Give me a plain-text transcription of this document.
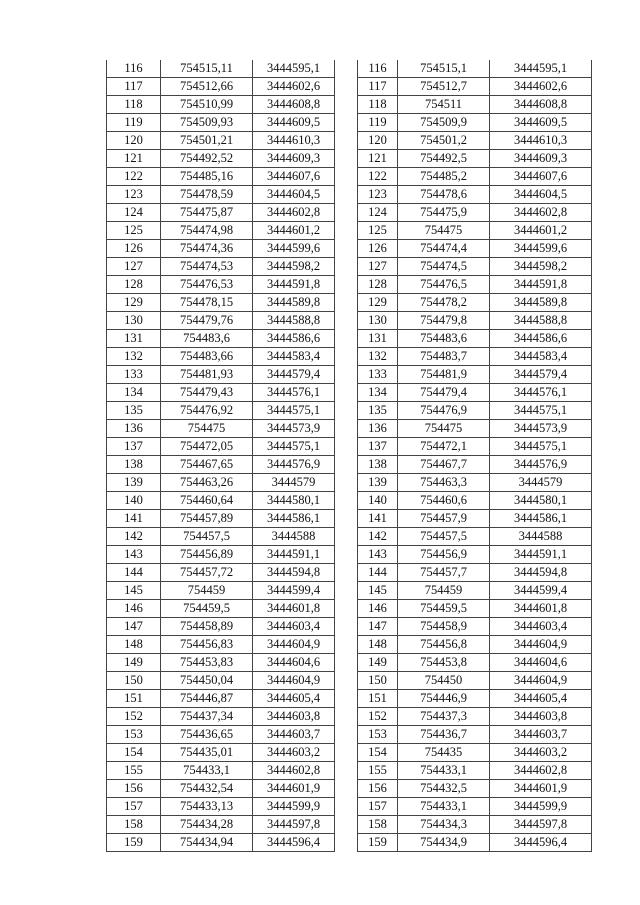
116	754515,11	3444595,1
117	754512,66	3444602,6
118	754510,99	3444608,8
119	754509,93	3444609,5
120	754501,21	3444610,3
121	754492,52	3444609,3
122	754485,16	3444607,6
123	754478,59	3444604,5
124	754475,87	3444602,8
125	754474,98	3444601,2
126	754474,36	3444599,6
127	754474,53	3444598,2
128	754476,53	3444591,8
129	754478,15	3444589,8
130	754479,76	3444588,8
131	754483,6	3444586,6
132	754483,66	3444583,4
133	754481,93	3444579,4
134	754479,43	3444576,1
135	754476,92	3444575,1
136	754475	3444573,9
137	754472,05	3444575,1
138	754467,65	3444576,9
139	754463,26	3444579
140	754460,64	3444580,1
141	754457,89	3444586,1
142	754457,5	3444588
143	754456,89	3444591,1
144	754457,72	3444594,8
145	754459	3444599,4
146	754459,5	3444601,8
147	754458,89	3444603,4
148	754456,83	3444604,9
149	754453,83	3444604,6
150	754450,04	3444604,9
151	754446,87	3444605,4
152	754437,34	3444603,8
153	754436,65	3444603,7
154	754435,01	3444603,2
155	754433,1	3444602,8
156	754432,54	3444601,9
157	754433,13	3444599,9
158	754434,28	3444597,8
159	754434,94	3444596,4
116	754515,1	3444595,1
117	754512,7	3444602,6
118	754511	3444608,8
119	754509,9	3444609,5
120	754501,2	3444610,3
121	754492,5	3444609,3
122	754485,2	3444607,6
123	754478,6	3444604,5
124	754475,9	3444602,8
125	754475	3444601,2
126	754474,4	3444599,6
127	754474,5	3444598,2
128	754476,5	3444591,8
129	754478,2	3444589,8
130	754479,8	3444588,8
131	754483,6	3444586,6
132	754483,7	3444583,4
133	754481,9	3444579,4
134	754479,4	3444576,1
135	754476,9	3444575,1
136	754475	3444573,9
137	754472,1	3444575,1
138	754467,7	3444576,9
139	754463,3	3444579
140	754460,6	3444580,1
141	754457,9	3444586,1
142	754457,5	3444588
143	754456,9	3444591,1
144	754457,7	3444594,8
145	754459	3444599,4
146	754459,5	3444601,8
147	754458,9	3444603,4
148	754456,8	3444604,9
149	754453,8	3444604,6
150	754450	3444604,9
151	754446,9	3444605,4
152	754437,3	3444603,8
153	754436,7	3444603,7
154	754435	3444603,2
155	754433,1	3444602,8
156	754432,5	3444601,9
157	754433,1	3444599,9
158	754434,3	3444597,8
159	754434,9	3444596,4
